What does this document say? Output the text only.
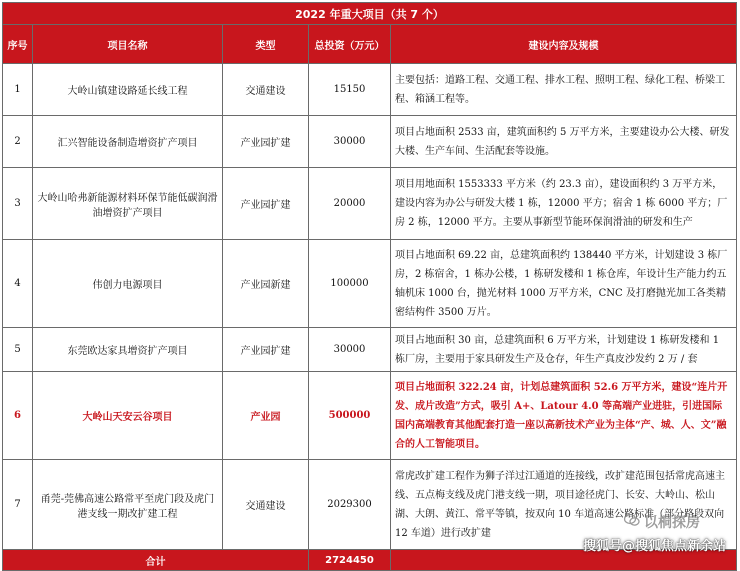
2022 年重大项目（共 7 个）				
序号	项目名称	类型	总投资（万元）	建设内容及规模
1	大岭山镇建设路延长线工程	交通建设	15150	主要包括：道路工程、交通工程、排水工程、照明工程、绿化工程、桥梁工程、箱涵工程等。
2	汇兴智能设备制造增资扩产项目	产业园扩建	30000	项目占地面积 2533 亩，建筑面积约 5 万平方米，主要建设办公大楼、研发大楼、生产车间、生活配套等设施。
3	大岭山哈弗新能源材料环保节能低碳润滑油增资扩产项目	产业园扩建	20000	项目用地面积 1553333 平方米（约 23.3 亩），建设面积约 3 万平方米，建设内容为办公与研发大楼 1 栋，12000 平方；宿舍 1 栋 6000 平方；厂房 2 栋，12000 平方。主要从事新型节能环保润滑油的研发和生产
4	伟创力电源项目	产业园新建	100000	项目占地面积 69.22 亩，总建筑面积约 138440 平方米，计划建设 3 栋厂房，2 栋宿舍，1 栋办公楼，1 栋研发楼和 1 栋仓库，年设计生产能力约五轴机床 1000 台，抛光材料 1000 万平方米，CNC 及打磨抛光加工各类精密结构件 3500 万片。
5	东莞欧达家具增资扩产项目	产业园扩建	30000	项目占地面积 30 亩，总建筑面积 6 万平方米，计划建设 1 栋研发楼和 1 栋厂房，主要用于家具研发生产及仓存，年生产真皮沙发约 2 万 / 套
6	大岭山天安云谷项目	产业园	500000	项目占地面积 322.24 亩，计划总建筑面积 52.6 万平方米，建设“连片开发、成片改造”方式，吸引 A+、Latour 4.0 等高端产业进驻，引进国际国内高端教育其他配套打造一座以高新技术产业为主体“产、城、人、文”融合的人工智能项目。
7	甬莞-莞佛高速公路常平至虎门段及虎门港支线一期改扩建工程	交通建设	2029300	常虎改扩建工程作为狮子洋过江通道的连接线，改扩建范围包括常虎高速主线、五点梅支线及虎门港支线一期，项目途径虎门、长安、大岭山、松山湖、大朗、黄江、常平等镇，按双向 10 车道高速公路标准（部分路段双向 12 车道）进行改扩建
合计			2724450	
以桐探房
搜狐号@搜狐焦点新余站
